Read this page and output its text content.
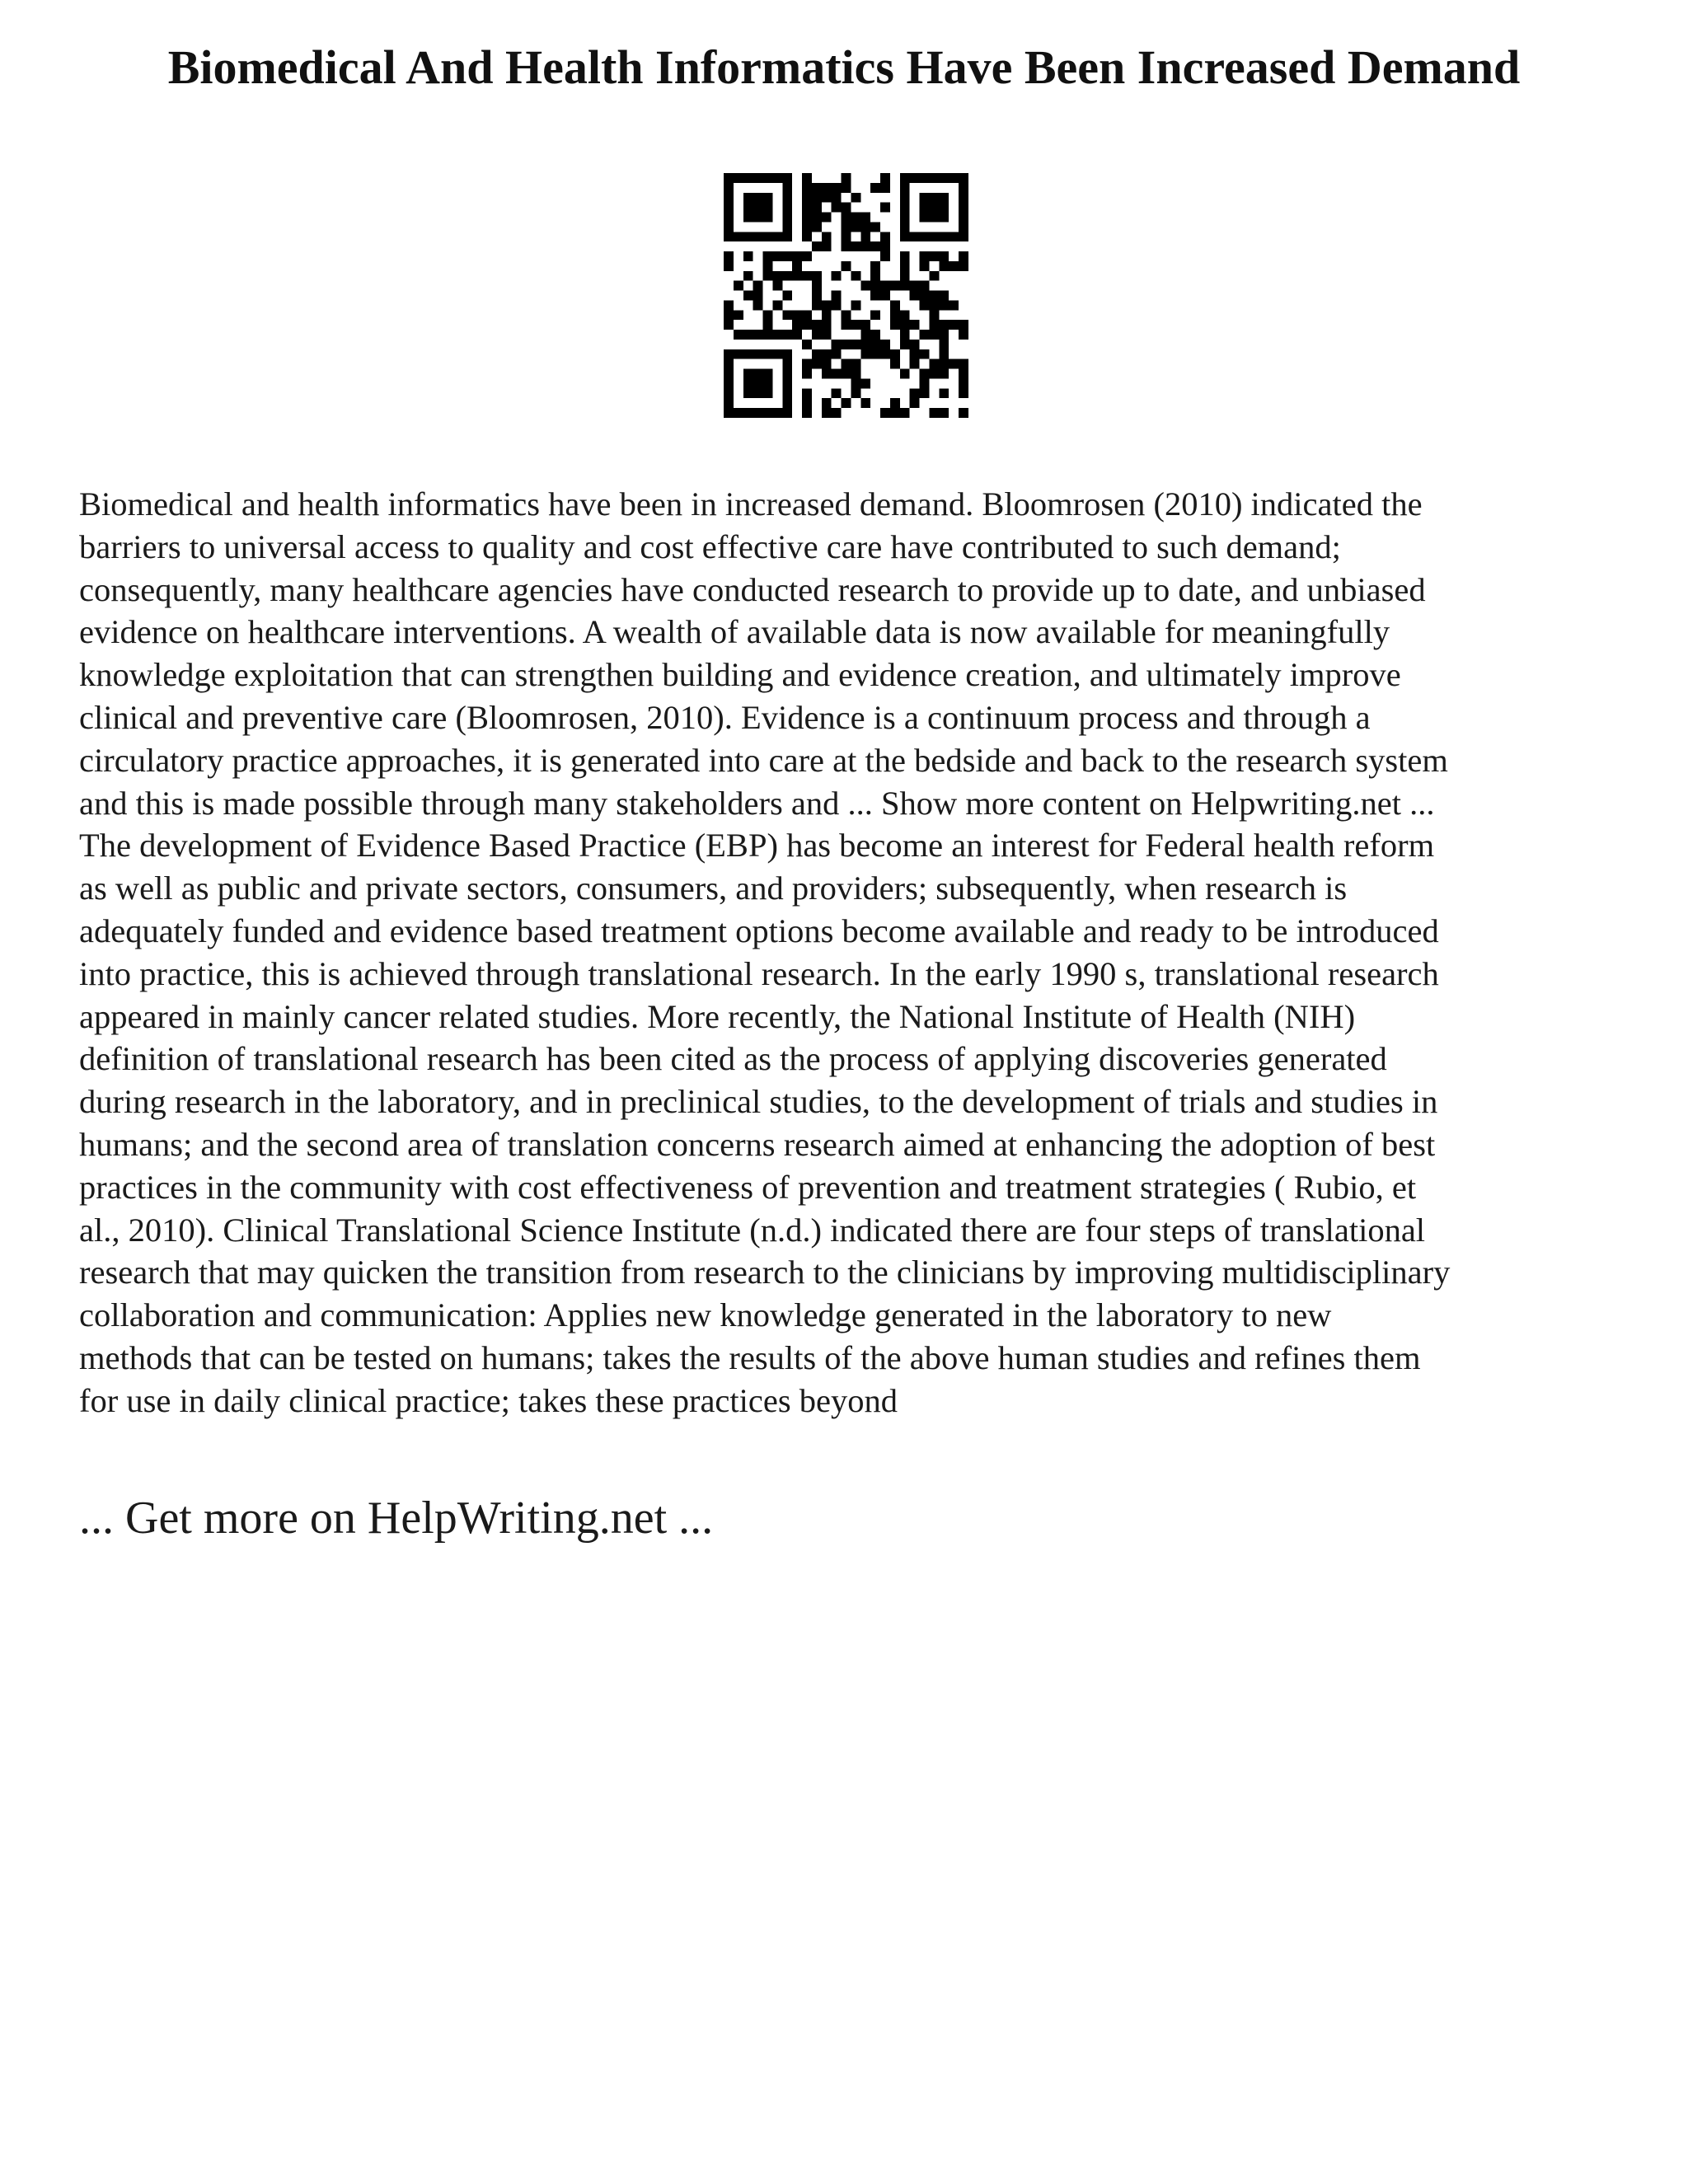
Biomedical And Health Informatics Have Been Increased Demand

Biomedical and health informatics have been in increased demand. Bloomrosen (2010) indicated the
barriers to universal access to quality and cost effective care have contributed to such demand;
consequently, many healthcare agencies have conducted research to provide up to date, and unbiased
evidence on healthcare interventions. A wealth of available data is now available for meaningfully
knowledge exploitation that can strengthen building and evidence creation, and ultimately improve
clinical and preventive care (Bloomrosen, 2010). Evidence is a continuum process and through a
circulatory practice approaches, it is generated into care at the bedside and back to the research system
and this is made possible through many stakeholders and ... Show more content on Helpwriting.net ...
The development of Evidence Based Practice (EBP) has become an interest for Federal health reform
as well as public and private sectors, consumers, and providers; subsequently, when research is
adequately funded and evidence based treatment options become available and ready to be introduced
into practice, this is achieved through translational research. In the early 1990 s, translational research
appeared in mainly cancer related studies. More recently, the National Institute of Health (NIH)
definition of translational research has been cited as the process of applying discoveries generated
during research in the laboratory, and in preclinical studies, to the development of trials and studies in
humans; and the second area of translation concerns research aimed at enhancing the adoption of best
practices in the community with cost effectiveness of prevention and treatment strategies ( Rubio, et
al., 2010). Clinical Translational Science Institute (n.d.) indicated there are four steps of translational
research that may quicken the transition from research to the clinicians by improving multidisciplinary
collaboration and communication: Applies new knowledge generated in the laboratory to new
methods that can be tested on humans; takes the results of the above human studies and refines them
for use in daily clinical practice; takes these practices beyond

... Get more on HelpWriting.net ...
